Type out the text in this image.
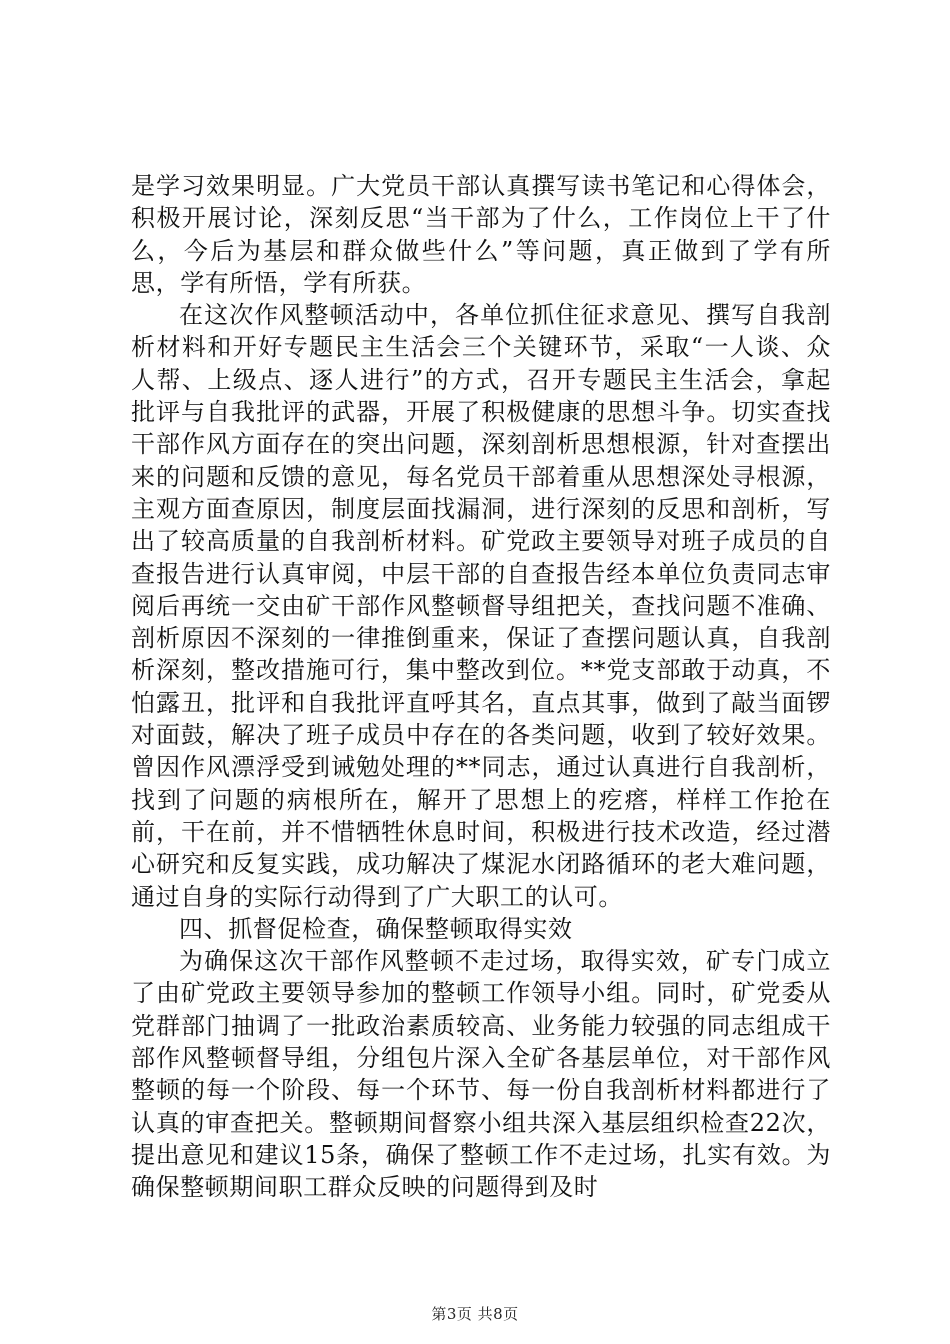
是学习效果明显。广大党员干部认真撰写读书笔记和心得体会，积极开展讨论，深刻反思“当干部为了什么，工作岗位上干了什么，今后为基层和群众做些什么”等问题，真正做到了学有所思，学有所悟，学有所获。

在这次作风整顿活动中，各单位抓住征求意见、撰写自我剖析材料和开好专题民主生活会三个关键环节，采取“一人谈、众人帮、上级点、逐人进行”的方式，召开专题民主生活会，拿起批评与自我批评的武器，开展了积极健康的思想斗争。切实查找干部作风方面存在的突出问题，深刻剖析思想根源，针对查摆出来的问题和反馈的意见，每名党员干部着重从思想深处寻根源，主观方面查原因，制度层面找漏洞，进行深刻的反思和剖析，写出了较高质量的自我剖析材料。矿党政主要领导对班子成员的自查报告进行认真审阅，中层干部的自查报告经本单位负责同志审阅后再统一交由矿干部作风整顿督导组把关，查找问题不准确、剖析原因不深刻的一律推倒重来，保证了查摆问题认真，自我剖析深刻，整改措施可行，集中整改到位。**党支部敢于动真，不怕露丑，批评和自我批评直呼其名，直点其事，做到了敲当面锣对面鼓，解决了班子成员中存在的各类问题，收到了较好效果。曾因作风漂浮受到诫勉处理的**同志，通过认真进行自我剖析，找到了问题的病根所在，解开了思想上的疙瘩，样样工作抢在前，干在前，并不惜牺牲休息时间，积极进行技术改造，经过潜心研究和反复实践，成功解决了煤泥水闭路循环的老大难问题，通过自身的实际行动得到了广大职工的认可。

四、抓督促检查，确保整顿取得实效

为确保这次干部作风整顿不走过场，取得实效，矿专门成立了由矿党政主要领导参加的整顿工作领导小组。同时，矿党委从党群部门抽调了一批政治素质较高、业务能力较强的同志组成干部作风整顿督导组，分组包片深入全矿各基层单位，对干部作风整顿的每一个阶段、每一个环节、每一份自我剖析材料都进行了认真的审查把关。整顿期间督察小组共深入基层组织检查22次，提出意见和建议15条，确保了整顿工作不走过场，扎实有效。为确保整顿期间职工群众反映的问题得到及时

第3页 共8页
